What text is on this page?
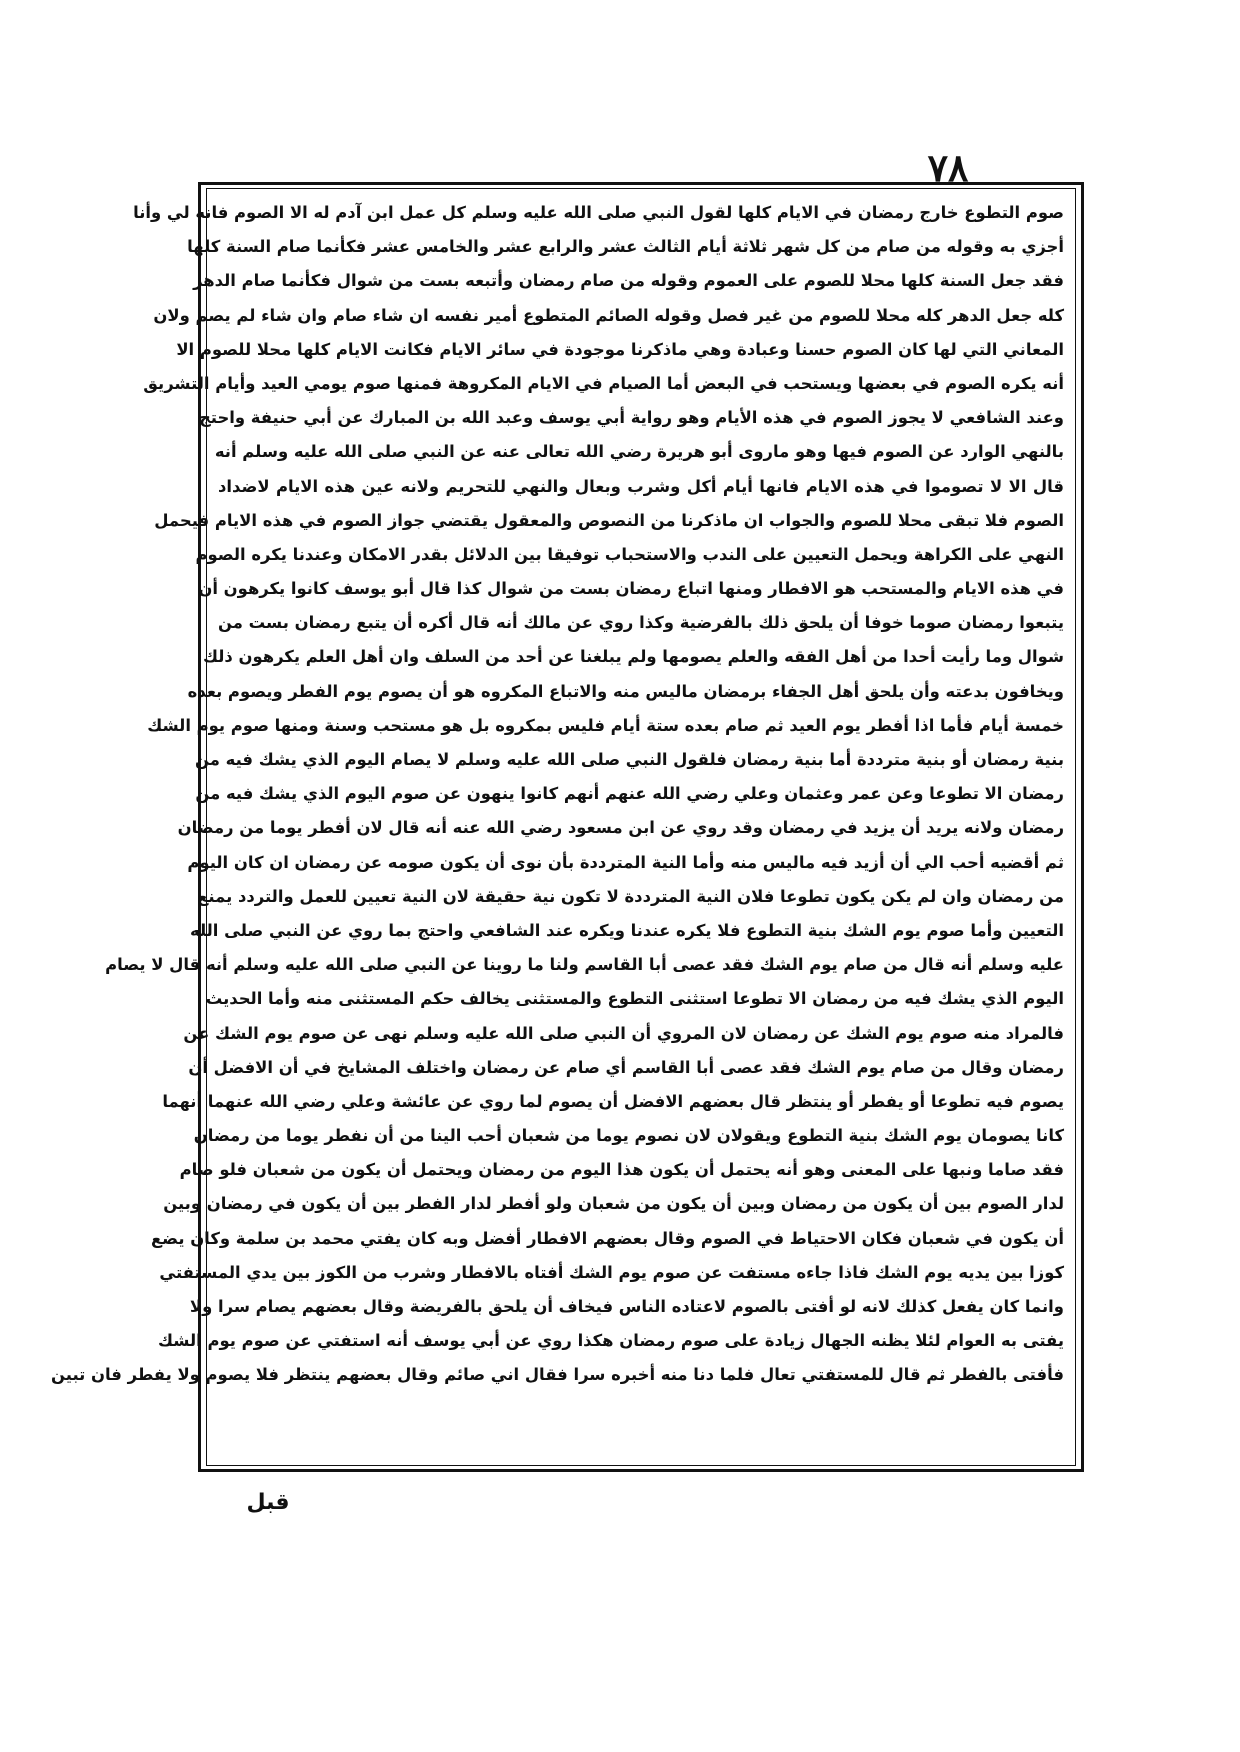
٧٨
صوم التطوع خارج رمضان في الايام كلها لقول النبي صلى الله عليه وسلم كل عمل ابن آدم له الا الصوم فانه لي وأنا
أجزي به وقوله من صام من كل شهر ثلاثة أيام الثالث عشر والرابع عشر والخامس عشر فكأنما صام السنة كلها
فقد جعل السنة كلها محلا للصوم على العموم وقوله من صام رمضان وأتبعه بست من شوال فكأنما صام الدهر
كله جعل الدهر كله محلا للصوم من غير فصل وقوله الصائم المتطوع أمير نفسه ان شاء صام وان شاء لم يصم ولان
المعاني التي لها كان الصوم حسنا وعبادة وهي ماذكرنا موجودة في سائر الايام فكانت الايام كلها محلا للصوم الا
أنه يكره الصوم في بعضها ويستحب في البعض أما الصيام في الايام المكروهة فمنها صوم يومي العيد وأيام التشريق
وعند الشافعي لا يجوز الصوم في هذه الأيام وهو رواية أبي يوسف وعبد الله بن المبارك عن أبي حنيفة واحتج
بالنهي الوارد عن الصوم فيها وهو ماروى أبو هريرة رضي الله تعالى عنه عن النبي صلى الله عليه وسلم أنه
قال الا لا تصوموا في هذه الايام فانها أيام أكل وشرب وبعال والنهي للتحريم ولانه عين هذه الايام لاضداد
الصوم فلا تبقى محلا للصوم والجواب ان ماذكرنا من النصوص والمعقول يقتضي جواز الصوم في هذه الايام فيحمل
النهي على الكراهة ويحمل التعيين على الندب والاستحباب توفيقا بين الدلائل بقدر الامكان وعندنا يكره الصوم
في هذه الايام والمستحب هو الافطار ومنها اتباع رمضان بست من شوال كذا قال أبو يوسف كانوا يكرهون أن
يتبعوا رمضان صوما خوفا أن يلحق ذلك بالفرضية وكذا روي عن مالك أنه قال أكره أن يتبع رمضان بست من
شوال وما رأيت أحدا من أهل الفقه والعلم يصومها ولم يبلغنا عن أحد من السلف وان أهل العلم يكرهون ذلك
ويخافون بدعته وأن يلحق أهل الجفاء برمضان ماليس منه والاتباع المكروه هو أن يصوم يوم الفطر ويصوم بعده
خمسة أيام فأما اذا أفطر يوم العيد ثم صام بعده ستة أيام فليس بمكروه بل هو مستحب وسنة ومنها صوم يوم الشك
بنية رمضان أو بنية مترددة أما بنية رمضان فلقول النبي صلى الله عليه وسلم لا يصام اليوم الذي يشك فيه من
رمضان الا تطوعا وعن عمر وعثمان وعلي رضي الله عنهم أنهم كانوا ينهون عن صوم اليوم الذي يشك فيه من
رمضان ولانه يريد أن يزيد في رمضان وقد روي عن ابن مسعود رضي الله عنه أنه قال لان أفطر يوما من رمضان
ثم أقضيه أحب الي أن أزيد فيه ماليس منه وأما النية المترددة بأن نوى أن يكون صومه عن رمضان ان كان اليوم
من رمضان وان لم يكن يكون تطوعا فلان النية المترددة لا تكون نية حقيقة لان النية تعيين للعمل والتردد يمنع
التعيين وأما صوم يوم الشك بنية التطوع فلا يكره عندنا ويكره عند الشافعي واحتج بما روي عن النبي صلى الله
عليه وسلم أنه قال من صام يوم الشك فقد عصى أبا القاسم ولنا ما روينا عن النبي صلى الله عليه وسلم أنه قال لا يصام
اليوم الذي يشك فيه من رمضان الا تطوعا استثنى التطوع والمستثنى يخالف حكم المستثنى منه وأما الحديث
فالمراد منه صوم يوم الشك عن رمضان لان المروي أن النبي صلى الله عليه وسلم نهى عن صوم يوم الشك عن
رمضان وقال من صام يوم الشك فقد عصى أبا القاسم أي صام عن رمضان واختلف المشايخ في أن الافضل أن
يصوم فيه تطوعا أو يفطر أو ينتظر قال بعضهم الافضل أن يصوم لما روي عن عائشة وعلي رضي الله عنهما أنهما
كانا يصومان يوم الشك بنية التطوع ويقولان لان نصوم يوما من شعبان أحب الينا من أن نفطر يوما من رمضان
فقد صاما ونبها على المعنى وهو أنه يحتمل أن يكون هذا اليوم من رمضان ويحتمل أن يكون من شعبان فلو صام
لدار الصوم بين أن يكون من رمضان وبين أن يكون من شعبان ولو أفطر لدار الفطر بين أن يكون في رمضان وبين
أن يكون في شعبان فكان الاحتياط في الصوم وقال بعضهم الافطار أفضل وبه كان يفتي محمد بن سلمة وكان يضع
كوزا بين يديه يوم الشك فاذا جاءه مستفت عن صوم يوم الشك أفتاه بالافطار وشرب من الكوز بين يدي المستفتي
وانما كان يفعل كذلك لانه لو أفتى بالصوم لاعتاده الناس فيخاف أن يلحق بالفريضة وقال بعضهم يصام سرا ولا
يفتى به العوام لئلا يظنه الجهال زيادة على صوم رمضان هكذا روي عن أبي يوسف أنه استفتي عن صوم يوم الشك
فأفتى بالفطر ثم قال للمستفتي تعال فلما دنا منه أخبره سرا فقال اني صائم وقال بعضهم ينتظر فلا يصوم ولا يفطر فان تبين
قبل
